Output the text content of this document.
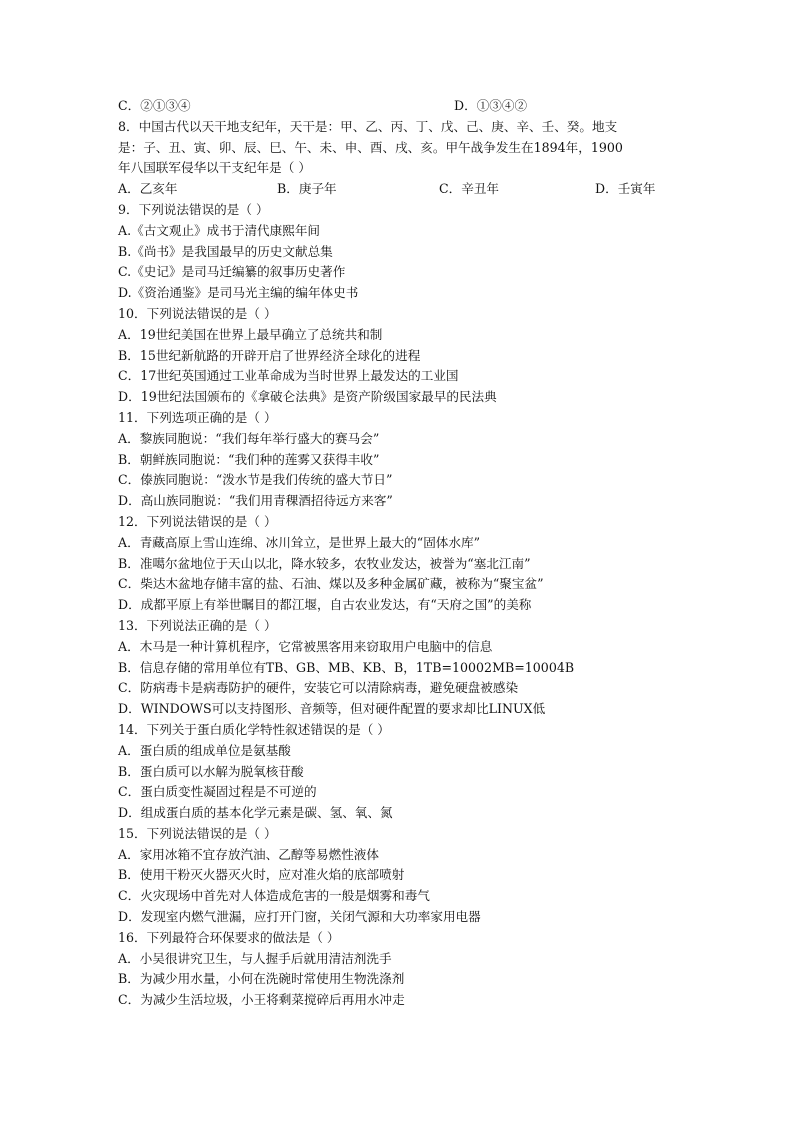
C．②①③④	D．①③④②
8．中国古代以天干地支纪年，天干是：甲、乙、丙、丁、戊、己、庚、辛、壬、癸。地支
是：子、丑、寅、卯、辰、巳、午、未、申、酉、戌、亥。甲午战争发生在1894年，1900
年八国联军侵华以干支纪年是（ ）
A．乙亥年	B．庚子年	C．辛丑年	D．壬寅年
9．下列说法错误的是（ ）
A.《古文观止》成书于清代康熙年间
B.《尚书》是我国最早的历史文献总集
C.《史记》是司马迁编纂的叙事历史著作
D.《资治通鉴》是司马光主编的编年体史书
10．下列说法错误的是（ ）
A．19世纪美国在世界上最早确立了总统共和制
B．15世纪新航路的开辟开启了世界经济全球化的进程
C．17世纪英国通过工业革命成为当时世界上最发达的工业国
D．19世纪法国颁布的《拿破仑法典》是资产阶级国家最早的民法典
11．下列选项正确的是（ ）
A．黎族同胞说：“我们每年举行盛大的赛马会”
B．朝鲜族同胞说：“我们种的莲雾又获得丰收”
C．傣族同胞说：“泼水节是我们传统的盛大节日”
D．高山族同胞说：“我们用青稞酒招待远方来客”
12．下列说法错误的是（ ）
A．青藏高原上雪山连绵、冰川耸立，是世界上最大的“固体水库”
B．准噶尔盆地位于天山以北，降水较多，农牧业发达，被誉为“塞北江南”
C．柴达木盆地存储丰富的盐、石油、煤以及多种金属矿藏，被称为“聚宝盆”
D．成都平原上有举世瞩目的都江堰，自古农业发达，有“天府之国”的美称
13．下列说法正确的是（ ）
A．木马是一种计算机程序，它常被黑客用来窃取用户电脑中的信息
B．信息存储的常用单位有TB、GB、MB、KB、B，1TB=10002MB=10004B
C．防病毒卡是病毒防护的硬件，安装它可以清除病毒，避免硬盘被感染
D．WINDOWS可以支持图形、音频等，但对硬件配置的要求却比LINUX低
14．下列关于蛋白质化学特性叙述错误的是（ ）
A．蛋白质的组成单位是氨基酸
B．蛋白质可以水解为脱氧核苷酸
C．蛋白质变性凝固过程是不可逆的
D．组成蛋白质的基本化学元素是碳、氢、氧、氮
15．下列说法错误的是（ ）
A．家用冰箱不宜存放汽油、乙醇等易燃性液体
B．使用干粉灭火器灭火时，应对准火焰的底部喷射
C．火灾现场中首先对人体造成危害的一般是烟雾和毒气
D．发现室内燃气泄漏，应打开门窗，关闭气源和大功率家用电器
16．下列最符合环保要求的做法是（ ）
A．小吴很讲究卫生，与人握手后就用清洁剂洗手
B．为减少用水量，小何在洗碗时常使用生物洗涤剂
C．为减少生活垃圾，小王将剩菜搅碎后再用水冲走
